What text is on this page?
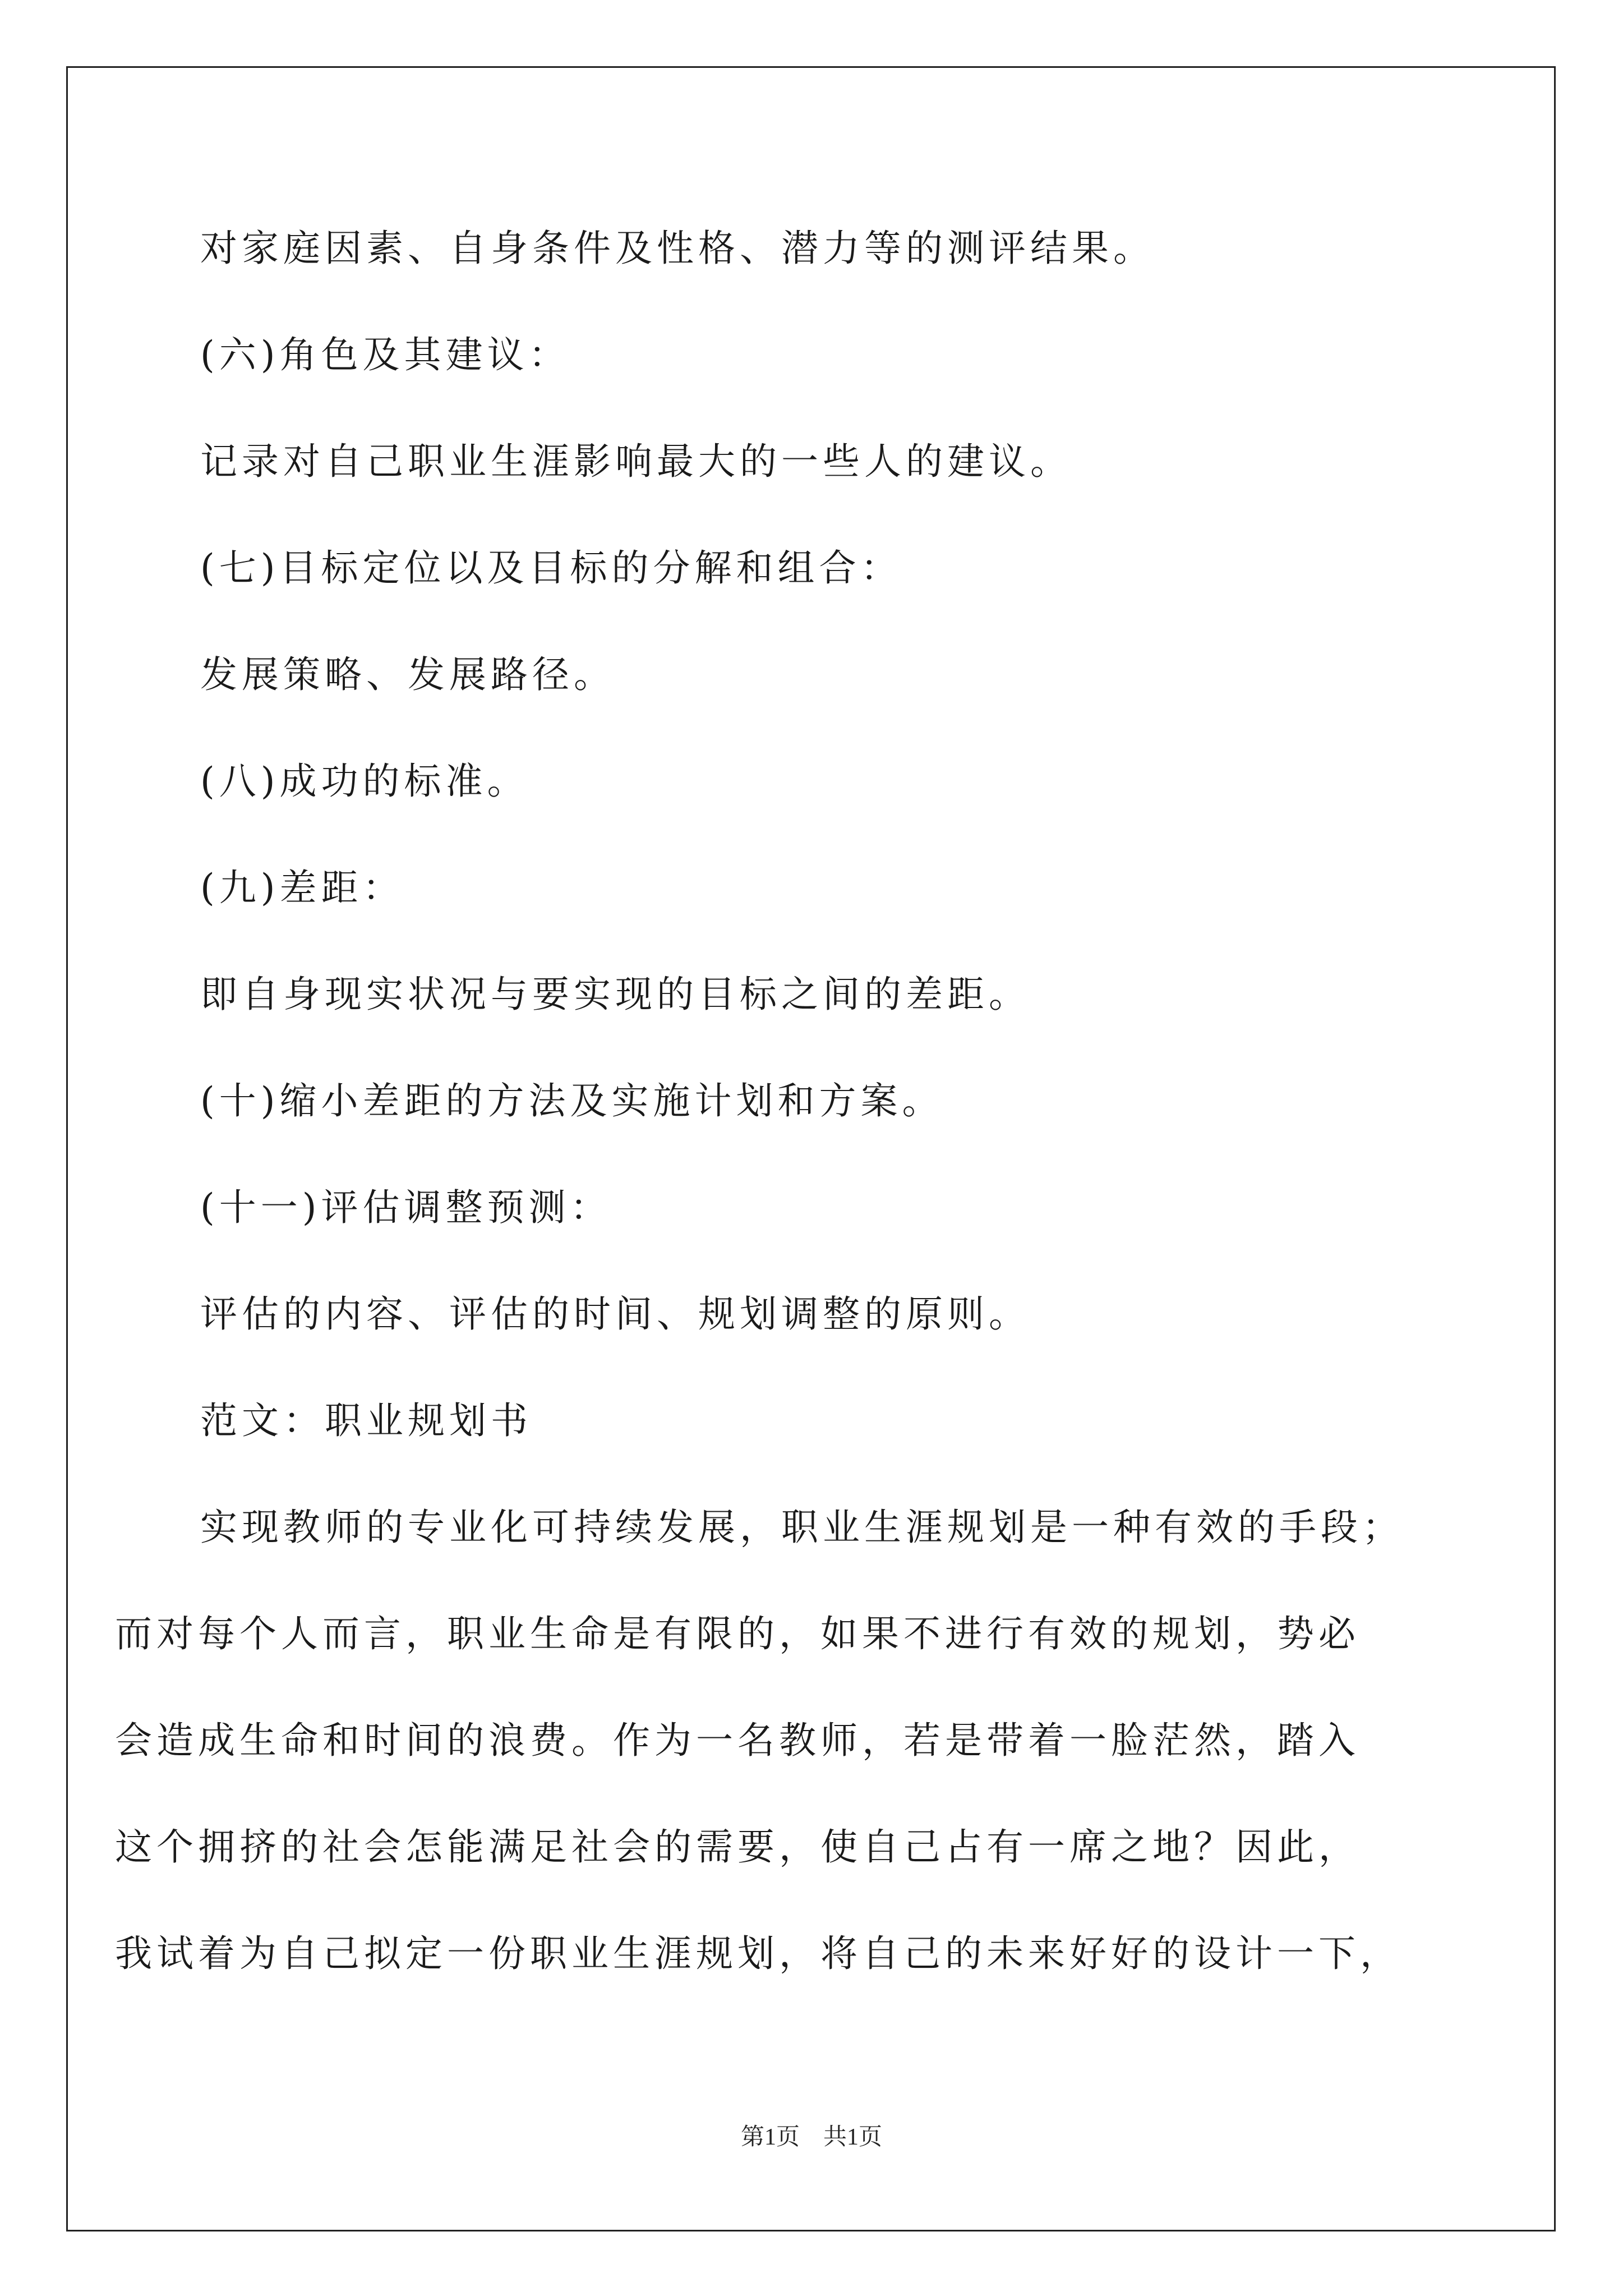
对家庭因素、自身条件及性格、潜力等的测评结果。
(六)角色及其建议：
记录对自己职业生涯影响最大的一些人的建议。
(七)目标定位以及目标的分解和组合：
发展策略、发展路径。
(八)成功的标准。
(九)差距：
即自身现实状况与要实现的目标之间的差距。
(十)缩小差距的方法及实施计划和方案。
(十一)评估调整预测：
评估的内容、评估的时间、规划调整的原则。
范文：职业规划书
实现教师的专业化可持续发展，职业生涯规划是一种有效的手段；
而对每个人而言，职业生命是有限的，如果不进行有效的规划，势必
会造成生命和时间的浪费。作为一名教师，若是带着一脸茫然，踏入
这个拥挤的社会怎能满足社会的需要，使自己占有一席之地？因此，
我试着为自己拟定一份职业生涯规划，将自己的未来好好的设计一下，
第1页　共1页
